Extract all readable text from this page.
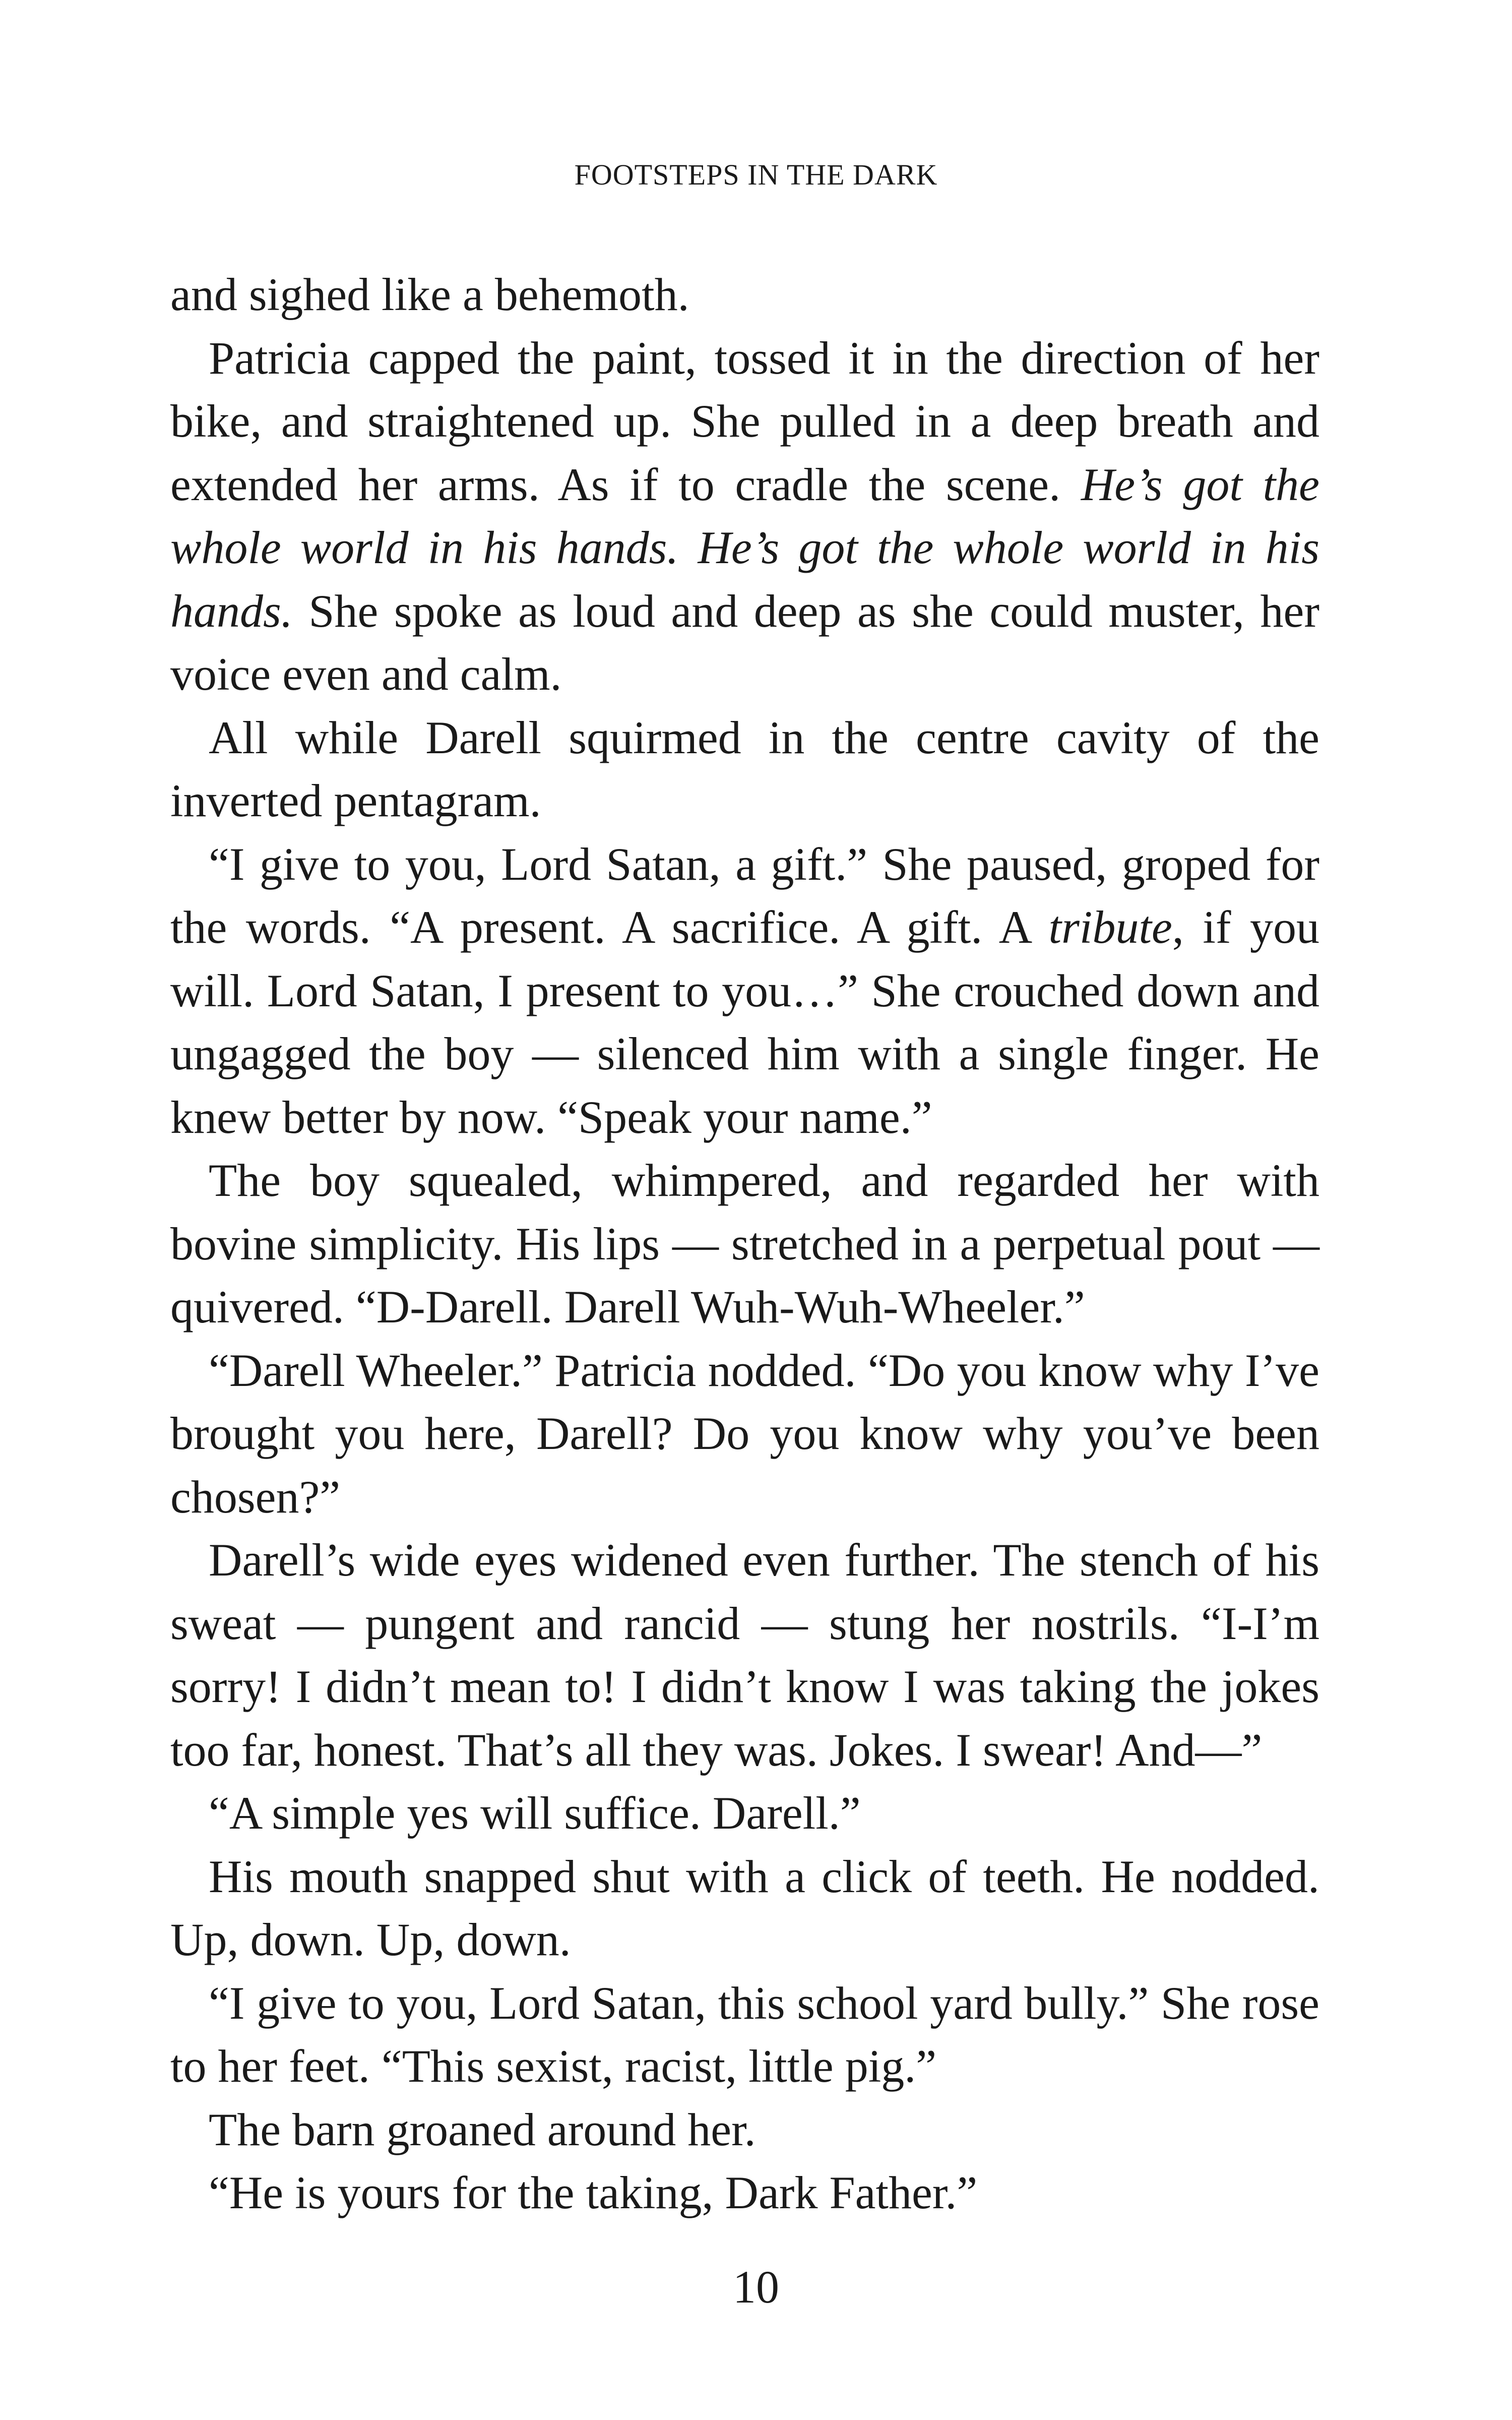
FOOTSTEPS IN THE DARK

and sighed like a behemoth.

Patricia capped the paint, tossed it in the direction of her bike, and straightened up. She pulled in a deep breath and extended her arms. As if to cradle the scene. He’s got the whole world in his hands. He’s got the whole world in his hands. She spoke as loud and deep as she could muster, her voice even and calm.

All while Darell squirmed in the centre cavity of the inverted pentagram.

“I give to you, Lord Satan, a gift.” She paused, groped for the words. “A present. A sacrifice. A gift. A tribute, if you will. Lord Satan, I present to you…” She crouched down and ungagged the boy — silenced him with a single finger. He knew better by now. “Speak your name.”

The boy squealed, whimpered, and regarded her with bovine simplicity. His lips — stretched in a perpetual pout — quivered. “D-Darell. Darell Wuh-Wuh-Wheeler.”

“Darell Wheeler.” Patricia nodded. “Do you know why I’ve brought you here, Darell? Do you know why you’ve been chosen?”

Darell’s wide eyes widened even further. The stench of his sweat — pungent and rancid — stung her nostrils. “I-I’m sorry! I didn’t mean to! I didn’t know I was taking the jokes too far, honest. That’s all they was. Jokes. I swear! And—”

“A simple yes will suffice. Darell.”

His mouth snapped shut with a click of teeth. He nodded. Up, down. Up, down.

“I give to you, Lord Satan, this school yard bully.” She rose to her feet. “This sexist, racist, little pig.”

The barn groaned around her.

“He is yours for the taking, Dark Father.”

10
